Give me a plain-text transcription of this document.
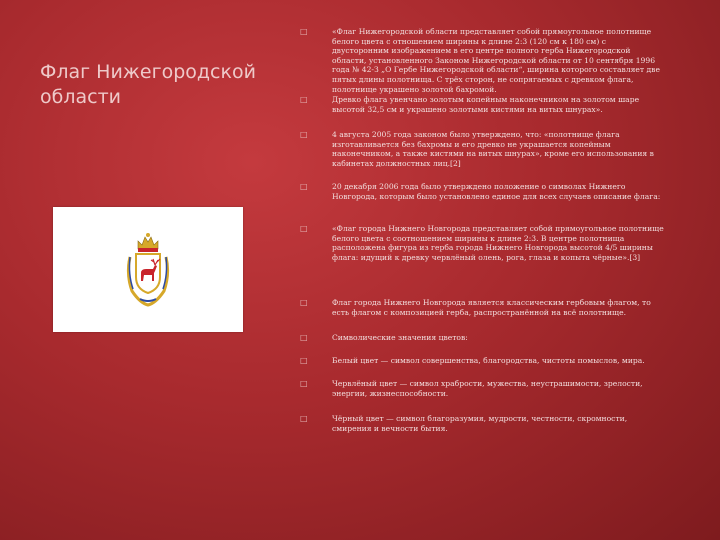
Флаг Нижегородской области
□	«Флаг Нижегородской области представляет собой прямоугольное полотнище белого цвета с отношением ширины к длине 2:3 (120 см к 180 см) с двусторонним изображением в его центре полного герба Нижегородской области, установленного Законом Нижегородской области от 10 сентября 1996 года № 42-З „О Гербе Нижегородской области“, ширина которого составляет две пятых длины полотнища. С трёх сторон, не сопрягаемых с древком флага, полотнище украшено золотой бахромой.
□	Древко флага увенчано золотым копейным наконечником на золотом шаре высотой 32,5 см и украшено золотыми кистями на витых шнурах».
□	4 августа 2005 года законом было утверждено, что: «полотнище флага изготавливается без бахромы и его древко не украшается копейным наконечником, а также кистями на витых шнурах», кроме его использования в кабинетах должностных лиц.[2]
□	20 декабря 2006 года было утверждено положение о символах Нижнего Новгорода, которым было установлено единое для всех случаев описание флага:
□	«Флаг города Нижнего Новгорода представляет собой прямоугольное полотнище белого цвета с соотношением ширины к длине 2:3. В центре полотнища расположена фигура из герба города Нижнего Новгорода высотой 4/5 ширины флага: идущий к древку червлёный олень, рога, глаза и копыта чёрные».[3]
□	Флаг города Нижнего Новгорода является классическим гербовым флагом, то есть флагом с композицией герба, распространённой на всё полотнище.
□	Символические значения цветов:
□	Белый цвет — символ совершенства, благородства, чистоты помыслов, мира.
□	Червлёный цвет — символ храбрости, мужества, неустрашимости, зрелости, энергии, жизнеспособности.
□	Чёрный цвет — символ благоразумия, мудрости, честности, скромности, смирения и вечности бытия.
